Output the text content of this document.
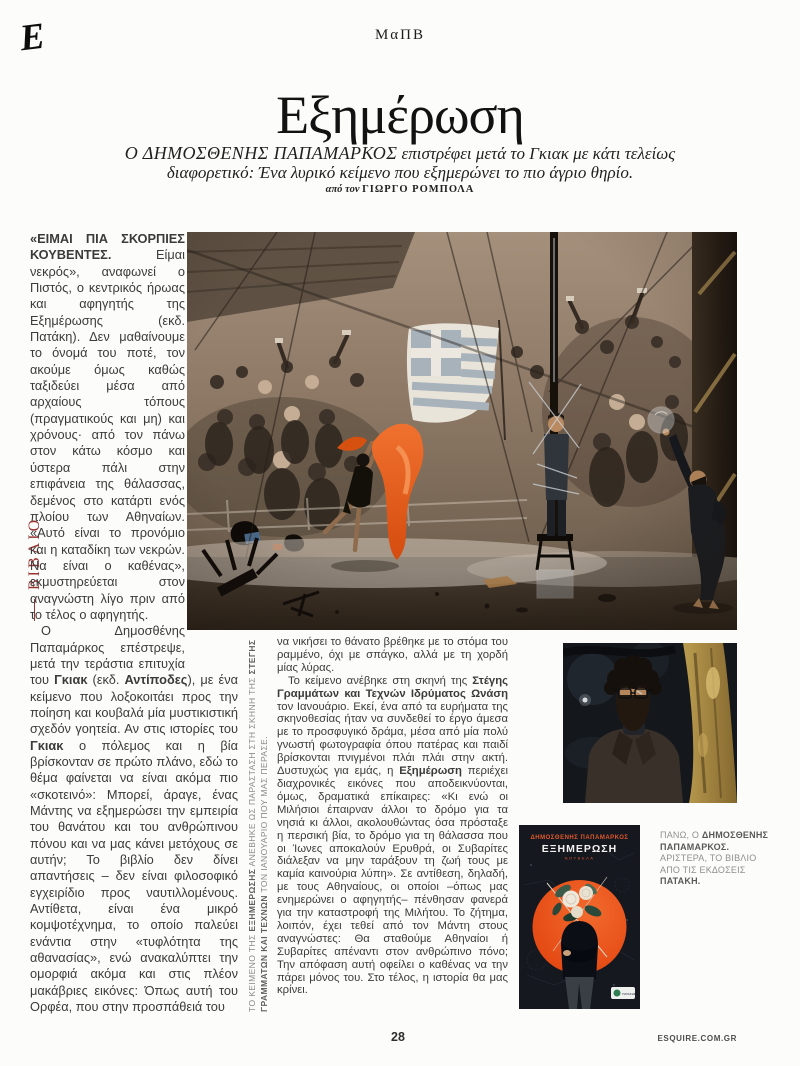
Ε	ΜαΠΒ
Εξημέρωση
Ο ΔΗΜΟΣΘΕΝΗΣ ΠΑΠΑΜΑΡΚΟΣ επιστρέφει μετά το Γκιακ με κάτι τελείως διαφορετικό: Ένα λυρικό κείμενο που εξημερώνει το πιο άγριο θηρίο.
από τον ΓΙΩΡΓΟ ΡΟΜΠΟΛΑ
ΒΙΒΛΙΟ

«ΕΙΜΑΙ ΠΙΑ ΣΚΟΡΠΙΕΣ ΚΟΥΒΕΝΤΕΣ. Είμαι νεκρός», αναφωνεί ο Πιστός, ο κεντρικός ήρωας και αφηγητής της Εξημέρωσης (εκδ. Πατάκη). Δεν μαθαίνουμε το όνομά του ποτέ, τον ακούμε όμως καθώς ταξιδεύει μέσα από αρχαίους τόπους (πραγματικούς και μη) και χρόνους· από τον πάνω στον κάτω κόσμο και ύστερα πάλι στην επιφάνεια της θάλασσας, δεμένος στο κατάρτι ενός πλοίου των Αθηναίων. «Αυτό είναι το προνόμιο και η καταδίκη των νεκρών. Να είναι ο καθένας», εκμυστηρεύεται στον αναγνώστη λίγο πριν από το τέλος ο αφηγητής.

Ο Δημοσθένης Παπαμάρκος επέστρεψε, μετά την τεράστια επιτυχία του Γκιακ (εκδ. Αντίποδες), με ένα κείμενο που λοξοκοιτάει προς την ποίηση και κουβαλά μία μυστικιστική σχεδόν γοητεία. Αν στις ιστορίες του Γκιακ ο πόλεμος και η βία βρίσκονταν σε πρώτο πλάνο, εδώ το θέμα φαίνεται να είναι ακόμα πιο «σκοτεινό»: Μπορεί, άραγε, ένας Μάντης να εξημερώσει την εμπειρία του θανάτου και του ανθρώπινου πόνου και να μας κάνει μετόχους σε αυτήν; Το βιβλίο δεν δίνει απαντήσεις – δεν είναι φιλοσοφικό εγχειρίδιο προς ναυτιλλομένους. Αντίθετα, είναι ένα μικρό κομψοτέχνημα, το οποίο παλεύει ενάντια στην «τυφλότητα της αθανασίας», ενώ ανακαλύπτει την ομορφιά ακόμα και στις πλέον μακάβριες εικόνες: Όπως αυτή του Ορφέα, που στην προσπάθειά του	ΤΟ ΚΕΙΜΕΝΟ ΤΗΣ ΕΞΗΜΕΡΩΣΗΣ ΑΝΕΒΗΚΕ ΩΣ ΠΑΡΑΣΤΑΣΗ ΣΤΗ ΣΚΗΝΗ ΤΗΣ ΣΤΕΓΗΣ ΓΡΑΜΜΑΤΩΝ ΚΑΙ ΤΕΧΝΩΝ ΤΟΝ ΙΑΝΟΥΑΡΙΟ ΠΟΥ ΜΑΣ ΠΕΡΑΣΕ.

να νικήσει το θάνατο βρέθηκε με το στόμα του ραμμένο, όχι με σπάγκο, αλλά με τη χορδή μίας λύρας.

Το κείμενο ανέβηκε στη σκηνή της Στέγης Γραμμάτων και Τεχνών Ιδρύματος Ωνάση τον Ιανουάριο. Εκεί, ένα από τα ευρήματα της σκηνοθεσίας ήταν να συνδεθεί το έργο άμεσα με το προσφυγικό δράμα, μέσα από μία πολύ γνωστή φωτογραφία όπου πατέρας και παιδί βρίσκονται πνιγμένοι πλάι πλάι στην ακτή. Δυστυχώς για εμάς, η Εξημέρωση περιέχει διαχρονικές εικόνες που αποδεικνύονται, όμως, δραματικά επίκαιρες: «Κι ενώ οι Μιλήσιοι έπαιρναν άλλοι το δρόμο για τα νησιά κι άλλοι, ακολουθώντας όσα πρόσταξε η περσική βία, το δρόμο για τη θάλασσα που οι Ίωνες αποκαλούν Ερυθρά, οι Συβαρίτες διάλεξαν να μην ταράξουν τη ζωή τους με καμία καινούρια λύπη». Σε αντίθεση, δηλαδή, με τους Αθηναίους, οι οποίοι –όπως μας ενημερώνει ο αφηγητής– πένθησαν φανερά για την καταστροφή της Μιλήτου. Το ζήτημα, λοιπόν, έχει τεθεί από τον Μάντη στους αναγνώστες: Θα σταθούμε Αθηναίοι ή Συβαρίτες απέναντι στον ανθρώπινο πόνο; Την απόφαση αυτή οφείλει ο καθένας να την πάρει μόνος του. Στο τέλος, η ιστορία θα μας κρίνει.

ΔΗΜΟΣΘΕΝΗΣ ΠΑΠΑΜΑΡΚΟΣ
ΕΞΗΜΕΡΩΣΗ
ΝΟΥΒΕΛΑ
ΠΑΤΑΚΗΣ
ΠΑΝΩ, Ο ΔΗΜΟΣΘΕΝΗΣ ΠΑΠΑΜΑΡΚΟΣ. ΑΡΙΣΤΕΡΑ, ΤΟ ΒΙΒΛΙΟ ΑΠΟ ΤΙΣ ΕΚΔΟΣΕΙΣ ΠΑΤΑΚΗ.
28	ESQUIRE.COM.GR
